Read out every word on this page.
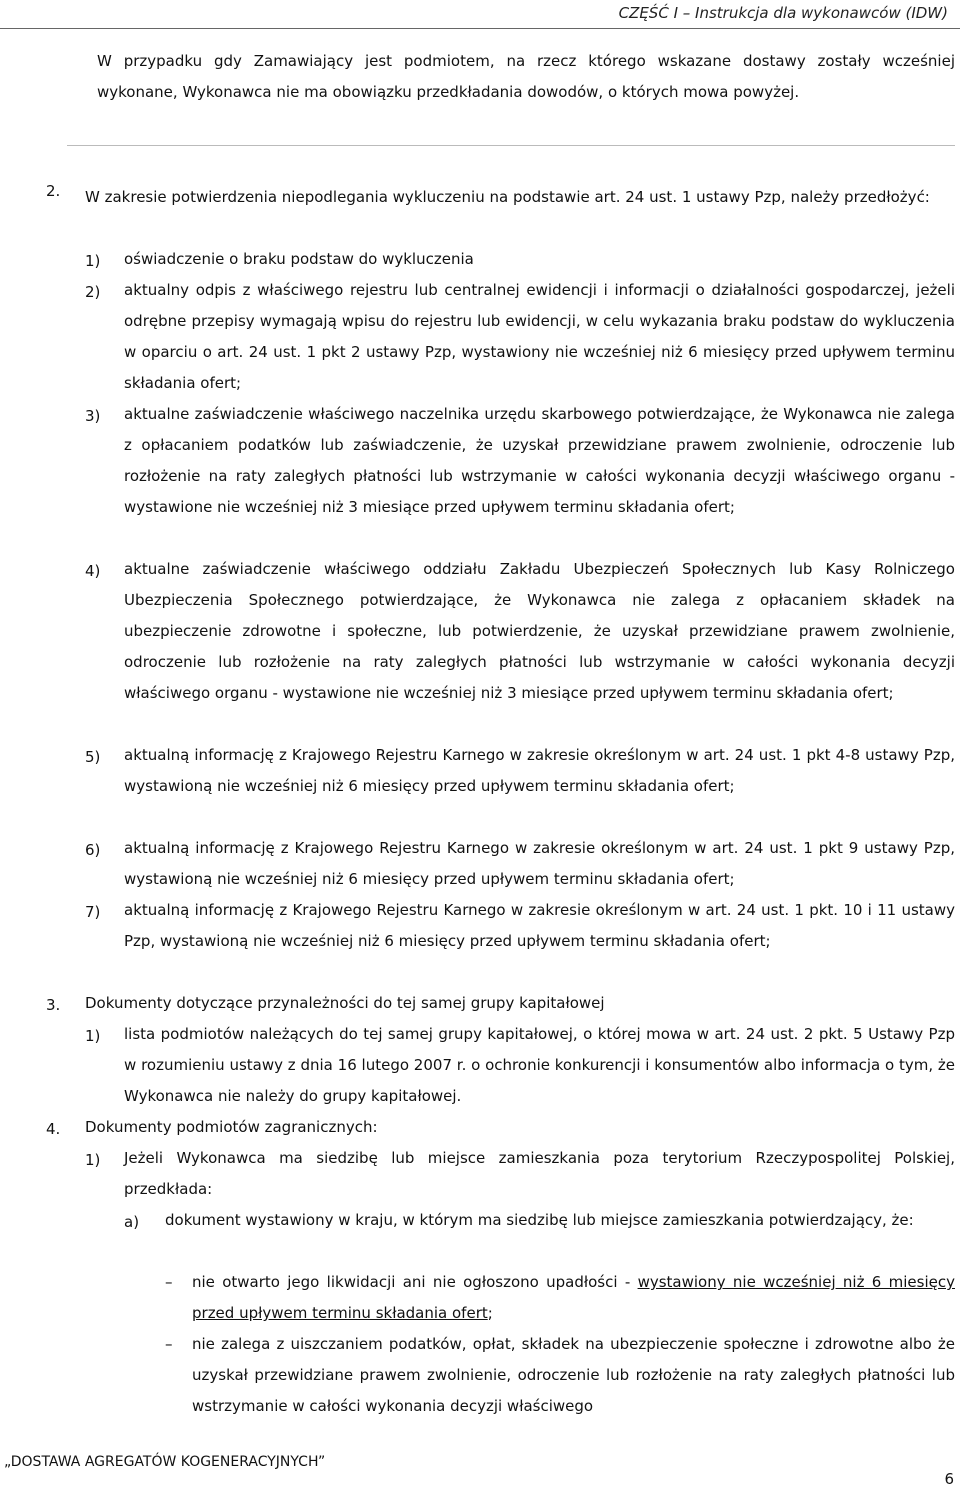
CZĘŚĆ I – Instrukcja dla wykonawców (IDW)
W przypadku gdy Zamawiający jest podmiotem, na rzecz którego wskazane dostawy zostały wcześniej wykonane, Wykonawca nie ma obowiązku przedkładania dowodów, o których mowa powyżej.
2. W zakresie potwierdzenia niepodlegania wykluczeniu na podstawie art. 24 ust. 1 ustawy Pzp, należy przedłożyć:
1) oświadczenie o braku podstaw do wykluczenia
2) aktualny odpis z właściwego rejestru lub centralnej ewidencji i informacji o działalności gospodarczej, jeżeli odrębne przepisy wymagają wpisu do rejestru lub ewidencji, w celu wykazania braku podstaw do wykluczenia w oparciu o art. 24 ust. 1 pkt 2 ustawy Pzp, wystawiony nie wcześniej niż 6 miesięcy przed upływem terminu składania ofert;
3) aktualne zaświadczenie właściwego naczelnika urzędu skarbowego potwierdzające, że Wykonawca nie zalega z opłacaniem podatków lub zaświadczenie, że uzyskał przewidziane prawem zwolnienie, odroczenie lub rozłożenie na raty zaległych płatności lub wstrzymanie w całości wykonania decyzji właściwego organu - wystawione nie wcześniej niż 3 miesiące przed upływem terminu składania ofert;
4) aktualne zaświadczenie właściwego oddziału Zakładu Ubezpieczeń Społecznych lub Kasy Rolniczego Ubezpieczenia Społecznego potwierdzające, że Wykonawca nie zalega z opłacaniem składek na ubezpieczenie zdrowotne i społeczne, lub potwierdzenie, że uzyskał przewidziane prawem zwolnienie, odroczenie lub rozłożenie na raty zaległych płatności lub wstrzymanie w całości wykonania decyzji właściwego organu - wystawione nie wcześniej niż 3 miesiące przed upływem terminu składania ofert;
5) aktualną informację z Krajowego Rejestru Karnego w zakresie określonym w art. 24 ust. 1 pkt 4-8 ustawy Pzp, wystawioną nie wcześniej niż 6 miesięcy przed upływem terminu składania ofert;
6) aktualną informację z Krajowego Rejestru Karnego w zakresie określonym w art. 24 ust. 1 pkt 9 ustawy Pzp, wystawioną nie wcześniej niż 6 miesięcy przed upływem terminu składania ofert;
7) aktualną informację z Krajowego Rejestru Karnego w zakresie określonym w art. 24 ust. 1 pkt. 10 i 11 ustawy Pzp, wystawioną nie wcześniej niż 6 miesięcy przed upływem terminu składania ofert;
3. Dokumenty dotyczące przynależności do tej samej grupy kapitałowej
1) lista podmiotów należących do tej samej grupy kapitałowej, o której mowa w art. 24 ust. 2 pkt. 5 Ustawy Pzp w rozumieniu ustawy z dnia 16 lutego 2007 r. o ochronie konkurencji i konsumentów albo informacja o tym, że Wykonawca nie należy do grupy kapitałowej.
4. Dokumenty podmiotów zagranicznych:
1) Jeżeli Wykonawca ma siedzibę lub miejsce zamieszkania poza terytorium Rzeczypospolitej Polskiej, przedkłada:
a) dokument wystawiony w kraju, w którym ma siedzibę lub miejsce zamieszkania potwierdzający, że:
– nie otwarto jego likwidacji ani nie ogłoszono upadłości - wystawiony nie wcześniej niż 6 miesięcy przed upływem terminu składania ofert;
– nie zalega z uiszczaniem podatków, opłat, składek na ubezpieczenie społeczne i zdrowotne albo że uzyskał przewidziane prawem zwolnienie, odroczenie lub rozłożenie na raty zaległych płatności lub wstrzymanie w całości wykonania decyzji właściwego
„DOSTAWA AGREGATÓW KOGENERACYJNYCH”
6
